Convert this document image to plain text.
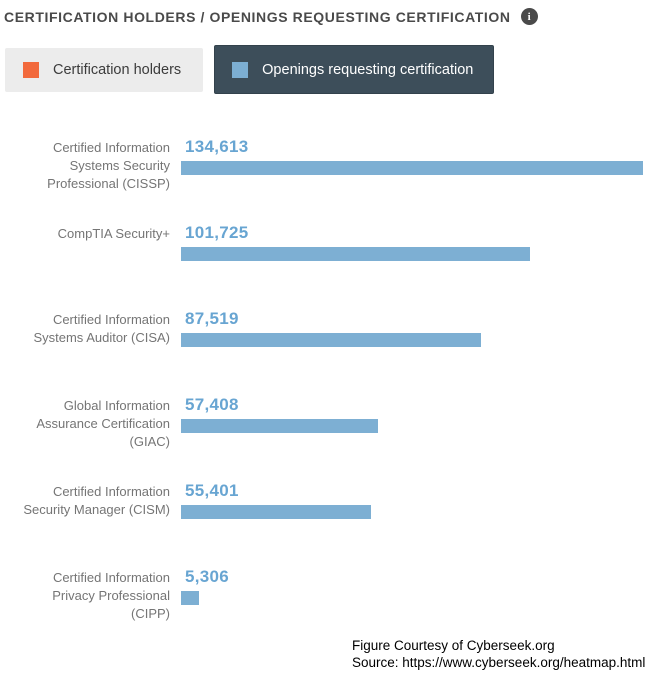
CERTIFICATION HOLDERS / OPENINGS REQUESTING CERTIFICATION	i
Certification holders	Openings requesting certification
Certified Information Systems Security Professional (CISSP)
134,613
CompTIA Security+ 101,725
Certified Information Systems Auditor (CISA)
87,519
Global Information Assurance Certification (GIAC)
57,408
Certified Information Security Manager (CISM)
55,401
Certified Information Privacy Professional (CIPP)
5,306
Figure Courtesy of Cyberseek.org
Source: https://www.cyberseek.org/heatmap.html
